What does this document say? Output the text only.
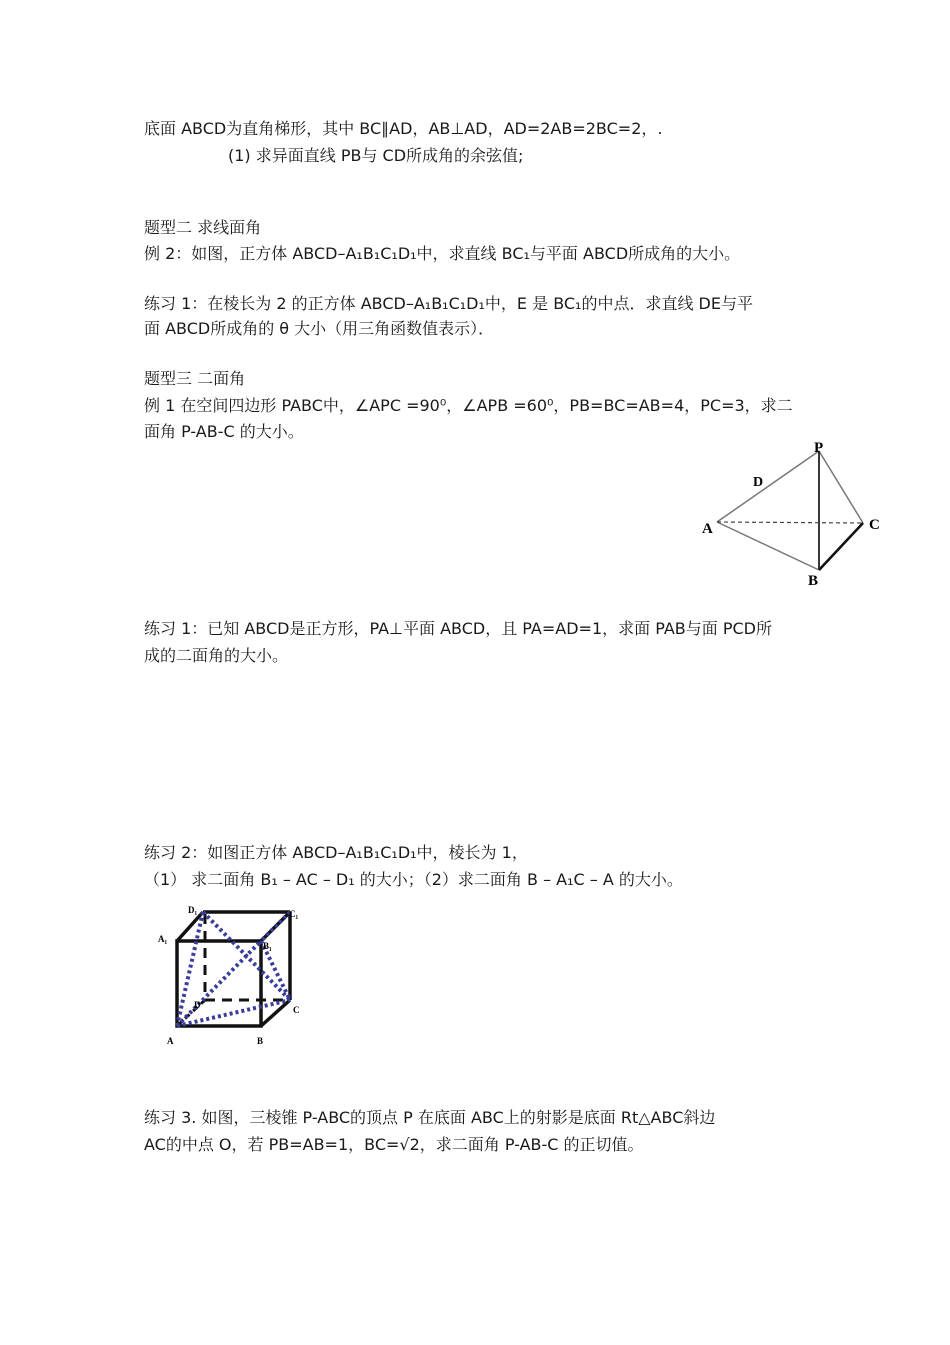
底面 ABCD为直角梯形，其中 BC∥AD，AB⊥AD，AD=2AB=2BC=2，.
(1) 求异面直线 PB与 CD所成角的余弦值;
题型二 求线面角
例 2：如图，正方体 ABCD–A₁B₁C₁D₁中，求直线 BC₁与平面 ABCD所成角的大小。
练习 1：在棱长为 2 的正方体 ABCD–A₁B₁C₁D₁中，E 是 BC₁的中点．求直线 DE与平
面 ABCD所成角的 θ 大小（用三角函数值表示）．
题型三 二面角
例 1 在空间四边形 PABC中，∠APC =90⁰，∠APB =60⁰，PB=BC=AB=4，PC=3，求二
面角 P-AB-C 的大小。
P
D
A	C
B
练习 1：已知 ABCD是正方形，PA⊥平面 ABCD，且 PA=AD=1，求面 PAB与面 PCD所
成的二面角的大小。
练习 2：如图正方体 ABCD–A₁B₁C₁D₁中，棱长为 1，
（1） 求二面角 B₁ – AC – D₁ 的大小；（2）求二面角 B – A₁C – A 的大小。
D₁	C₁
A₁
B₁
D	C
A	B
练习 3. 如图，三棱锥 P-ABC的顶点 P 在底面 ABC上的射影是底面 Rt△ABC斜边
AC的中点 O，若 PB=AB=1，BC=√2，求二面角 P-AB-C 的正切值。
